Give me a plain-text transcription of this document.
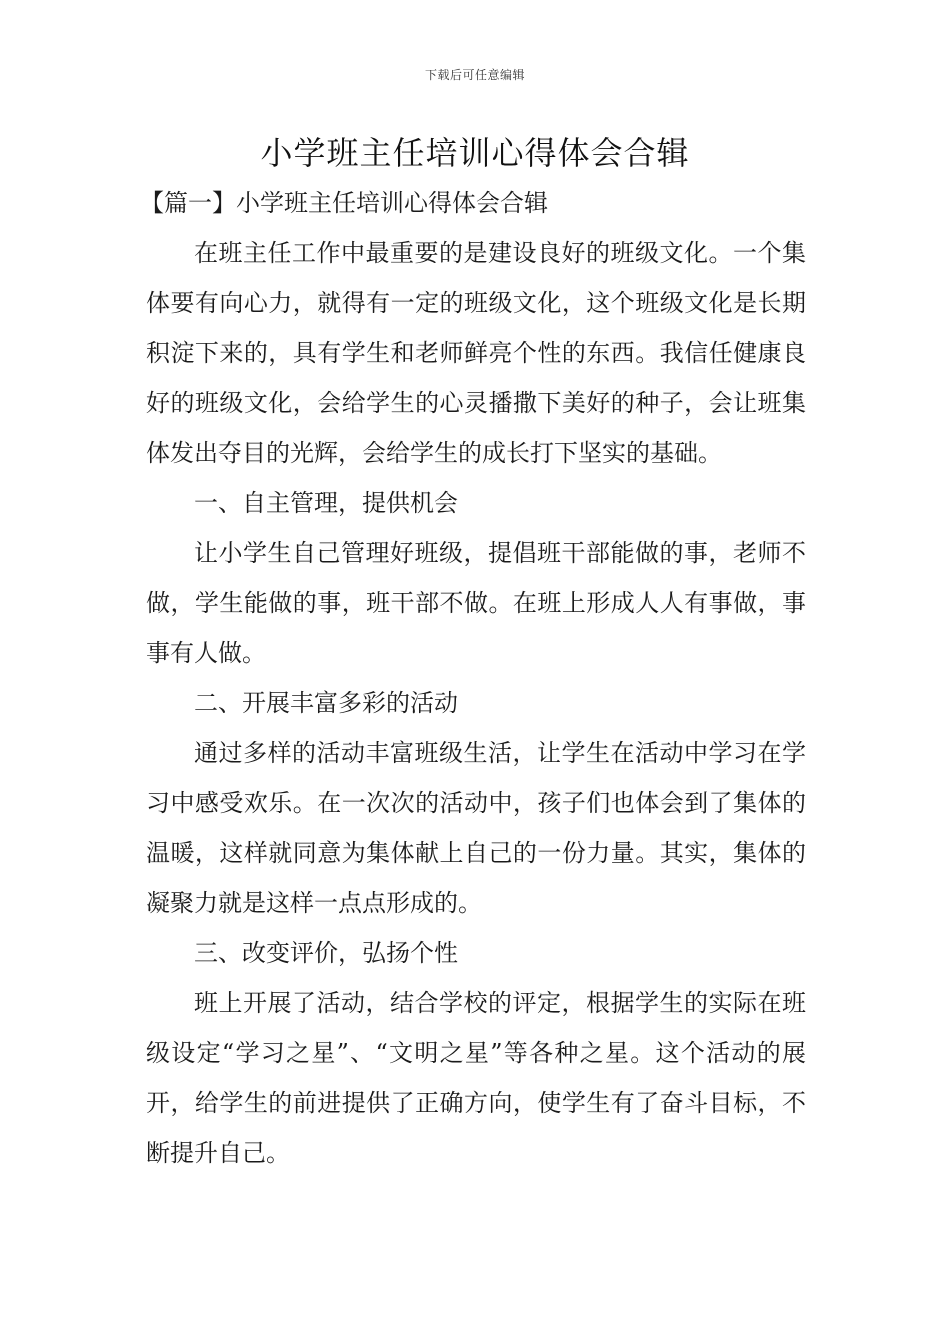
下载后可任意编辑
小学班主任培训心得体会合辑

【篇一】小学班主任培训心得体会合辑

在班主任工作中最重要的是建设良好的班级文化。一个集体要有向心力，就得有一定的班级文化，这个班级文化是长期积淀下来的，具有学生和老师鲜亮个性的东西。我信任健康良好的班级文化，会给学生的心灵播撒下美好的种子，会让班集体发出夺目的光辉，会给学生的成长打下坚实的基础。

一、自主管理，提供机会

让小学生自己管理好班级，提倡班干部能做的事，老师不做，学生能做的事，班干部不做。在班上形成人人有事做，事事有人做。

二、开展丰富多彩的活动

通过多样的活动丰富班级生活，让学生在活动中学习在学习中感受欢乐。在一次次的活动中，孩子们也体会到了集体的温暖，这样就同意为集体献上自己的一份力量。其实，集体的凝聚力就是这样一点点形成的。

三、改变评价，弘扬个性

班上开展了活动，结合学校的评定，根据学生的实际在班级设定“学习之星”、“文明之星”等各种之星。这个活动的展开，给学生的前进提供了正确方向，使学生有了奋斗目标，不断提升自己。
